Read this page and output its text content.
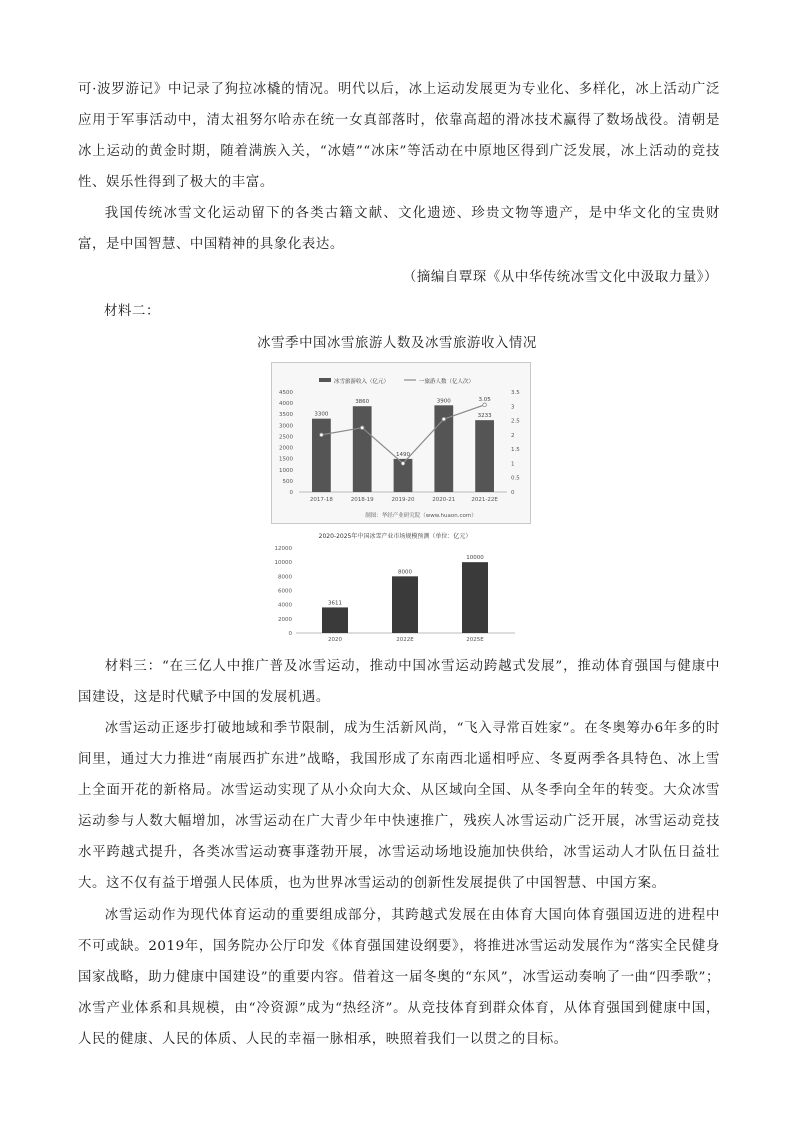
可·波罗游记》中记录了狗拉冰橇的情况。明代以后，冰上运动发展更为专业化、多样化，冰上活动广泛应用于军事活动中，清太祖努尔哈赤在统一女真部落时，依靠高超的滑冰技术赢得了数场战役。清朝是冰上运动的黄金时期，随着满族入关，“冰嬉”“冰床”等活动在中原地区得到广泛发展，冰上活动的竞技性、娱乐性得到了极大的丰富。

我国传统冰雪文化运动留下的各类古籍文献、文化遗迹、珍贵文物等遗产，是中华文化的宝贵财富，是中国智慧、中国精神的具象化表达。

（摘编自覃琛《从中华传统冰雪文化中汲取力量》）
材料二：
冰雪季中国冰雪旅游人数及冰雪旅游收入情况
冰雪旅游收入（亿元）	一旅游人数（亿人次）
4500
4000
3500
3000
2500
2000
1500
1000
500
0
3.5
3
2.5
2
1.5
1
0.5
0
3300
3860
1490
3900
3233
3.05
2017-18	2018-19	2019-20	2020-21	2021-22E
制图：华经产业研究院（www.huaon.com）
2020-2025年中国冰雪产业市场规模预测（单位：亿元）
12000
10000
8000
6000
4000
2000
0
3611
8000
10000
2020	2022E	2025E

材料三：“在三亿人中推广普及冰雪运动，推动中国冰雪运动跨越式发展”，推动体育强国与健康中国建设，这是时代赋予中国的发展机遇。

冰雪运动正逐步打破地域和季节限制，成为生活新风尚，“飞入寻常百姓家”。在冬奥筹办6年多的时间里，通过大力推进“南展西扩东进”战略，我国形成了东南西北遥相呼应、冬夏两季各具特色、冰上雪上全面开花的新格局。冰雪运动实现了从小众向大众、从区域向全国、从冬季向全年的转变。大众冰雪运动参与人数大幅增加，冰雪运动在广大青少年中快速推广，残疾人冰雪运动广泛开展，冰雪运动竞技水平跨越式提升，各类冰雪运动赛事蓬勃开展，冰雪运动场地设施加快供给，冰雪运动人才队伍日益壮大。这不仅有益于增强人民体质，也为世界冰雪运动的创新性发展提供了中国智慧、中国方案。

冰雪运动作为现代体育运动的重要组成部分，其跨越式发展在由体育大国向体育强国迈进的进程中不可或缺。2019年，国务院办公厅印发《体育强国建设纲要》，将推进冰雪运动发展作为“落实全民健身国家战略，助力健康中国建设”的重要内容。借着这一届冬奥的“东风”，冰雪运动奏响了一曲“四季歌”；冰雪产业体系和具规模，由“冷资源”成为“热经济”。从竞技体育到群众体育，从体育强国到健康中国，人民的健康、人民的体质、人民的幸福一脉相承，映照着我们一以贯之的目标。
